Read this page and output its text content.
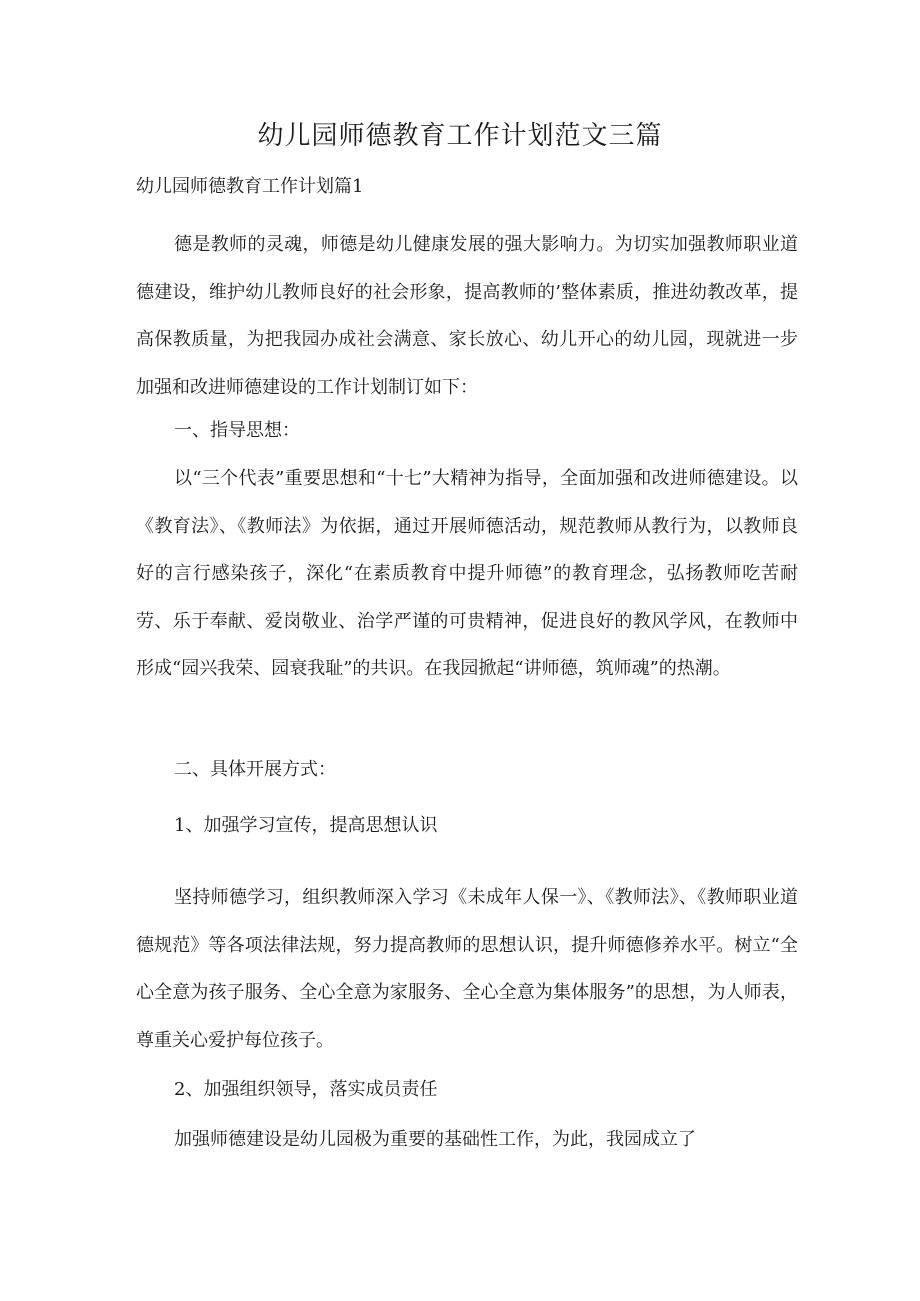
幼儿园师德教育工作计划范文三篇
幼儿园师德教育工作计划篇1
德是教师的灵魂，师德是幼儿健康发展的强大影响力。为切实加强教师职业道德建设，维护幼儿教师良好的社会形象，提高教师的’整体素质，推进幼教改革，提高保教质量，为把我园办成社会满意、家长放心、幼儿开心的幼儿园，现就进一步加强和改进师德建设的工作计划制订如下：
一、指导思想：
以“三个代表”重要思想和“十七”大精神为指导，全面加强和改进师德建设。以《教育法》、《教师法》为依据，通过开展师德活动，规范教师从教行为，以教师良好的言行感染孩子，深化“在素质教育中提升师德”的教育理念，弘扬教师吃苦耐劳、乐于奉献、爱岗敬业、治学严谨的可贵精神，促进良好的教风学风，在教师中形成“园兴我荣、园衰我耻”的共识。在我园掀起“讲师德，筑师魂”的热潮。
二、具体开展方式：
1、加强学习宣传，提高思想认识
坚持师德学习，组织教师深入学习《未成年人保一》、《教师法》、《教师职业道德规范》等各项法律法规，努力提高教师的思想认识，提升师德修养水平。树立“全心全意为孩子服务、全心全意为家服务、全心全意为集体服务”的思想，为人师表，尊重关心爱护每位孩子。
2、加强组织领导，落实成员责任
加强师德建设是幼儿园极为重要的基础性工作，为此，我园成立了
